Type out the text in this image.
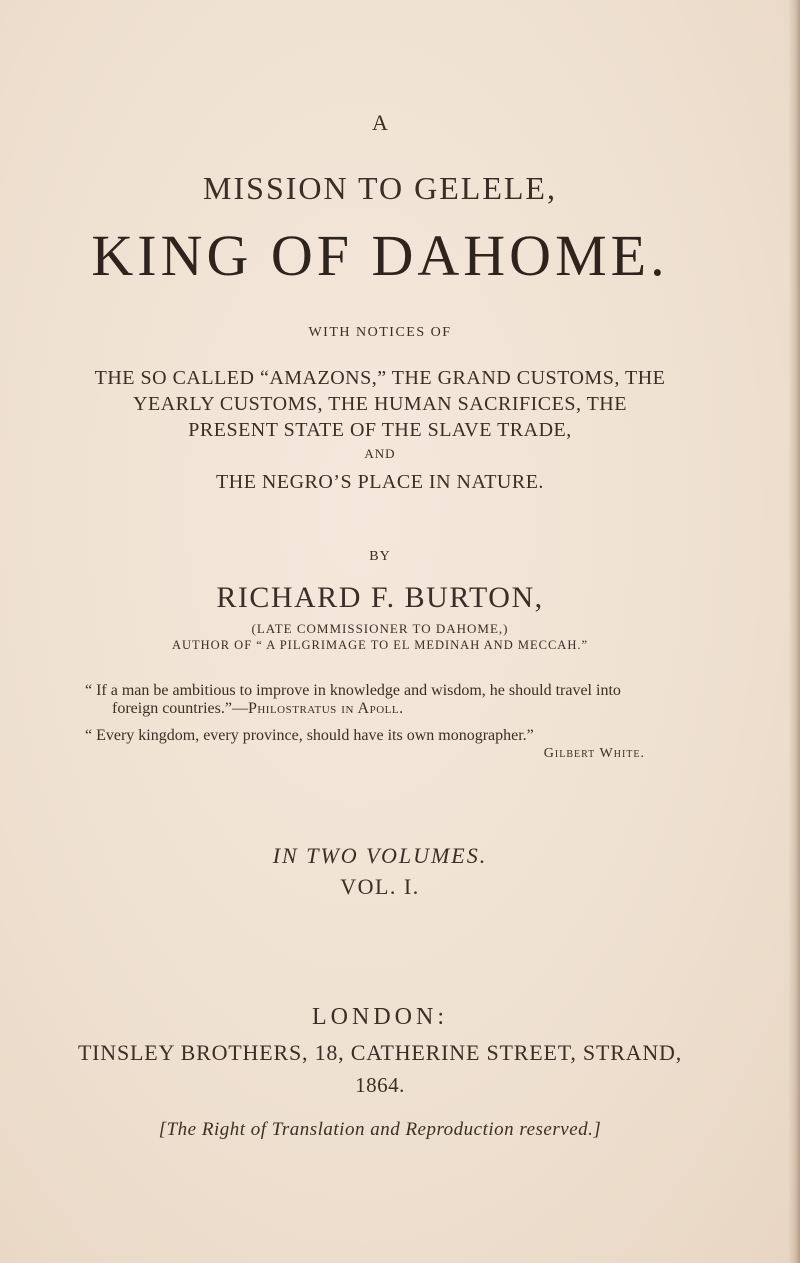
A
MISSION TO GELELE,
KING OF DAHOME.
WITH NOTICES OF
THE SO CALLED “AMAZONS,” THE GRAND CUSTOMS, THE
YEARLY CUSTOMS, THE HUMAN SACRIFICES, THE
PRESENT STATE OF THE SLAVE TRADE,
AND
THE NEGRO’S PLACE IN NATURE.
BY
RICHARD F. BURTON,
(LATE COMMISSIONER TO DAHOME,)
AUTHOR OF “ A PILGRIMAGE TO EL MEDINAH AND MECCAH.”
“ If a man be ambitious to improve in knowledge and wisdom, he should travel into
foreign countries.”—Philostratus in Apoll.
“ Every kingdom, every province, should have its own monographer.”
Gilbert White.
IN TWO VOLUMES.
VOL. I.
LONDON:
TINSLEY BROTHERS, 18, CATHERINE STREET, STRAND,
1864.
[The Right of Translation and Reproduction reserved.]
